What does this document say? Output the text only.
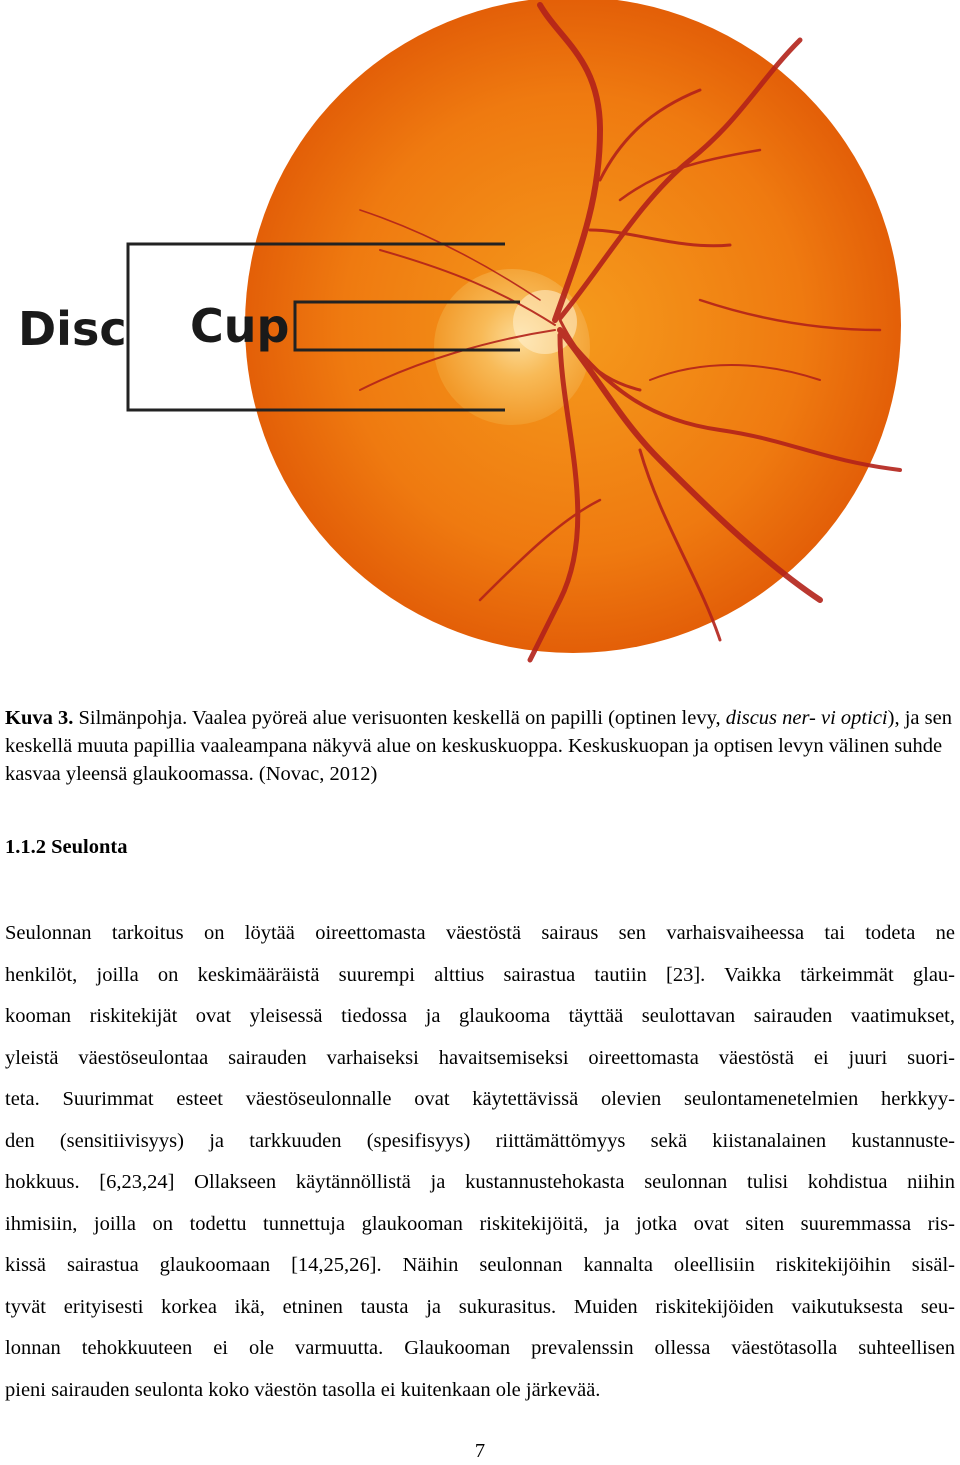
Disc Cup
Kuva 3. Silmänpohja. Vaalea pyöreä alue verisuonten keskellä on papilli (optinen levy, discus ner- vi optici), ja sen keskellä muuta papillia vaaleampana näkyvä alue on keskuskuoppa. Keskuskuopan ja optisen levyn välinen suhde kasvaa yleensä glaukoomassa. (Novac, 2012)
1.1.2 Seulonta
Seulonnan tarkoitus on löytää oireettomasta väestöstä sairaus sen varhaisvaiheessa tai todeta ne
henkilöt, joilla on keskimääräistä suurempi alttius sairastua tautiin [23]. Vaikka tärkeimmät glau-
kooman riskitekijät ovat yleisessä tiedossa ja glaukooma täyttää seulottavan sairauden vaatimukset,
yleistä väestöseulontaa sairauden varhaiseksi havaitsemiseksi oireettomasta väestöstä ei juuri suori-
teta. Suurimmat esteet väestöseulonnalle ovat käytettävissä olevien seulontamenetelmien herkkyy-
den (sensitiivisyys) ja tarkkuuden (spesifisyys) riittämättömyys sekä kiistanalainen kustannuste-
hokkuus. [6,23,24] Ollakseen käytännöllistä ja kustannustehokasta seulonnan tulisi kohdistua niihin
ihmisiin, joilla on todettu tunnettuja glaukooman riskitekijöitä, ja jotka ovat siten suuremmassa ris-
kissä sairastua glaukoomaan [14,25,26]. Näihin seulonnan kannalta oleellisiin riskitekijöihin sisäl-
tyvät erityisesti korkea ikä, etninen tausta ja sukurasitus. Muiden riskitekijöiden vaikutuksesta seu-
lonnan tehokkuuteen ei ole varmuutta. Glaukooman prevalenssin ollessa väestötasolla suhteellisen
pieni sairauden seulonta koko väestön tasolla ei kuitenkaan ole järkevää.
7
